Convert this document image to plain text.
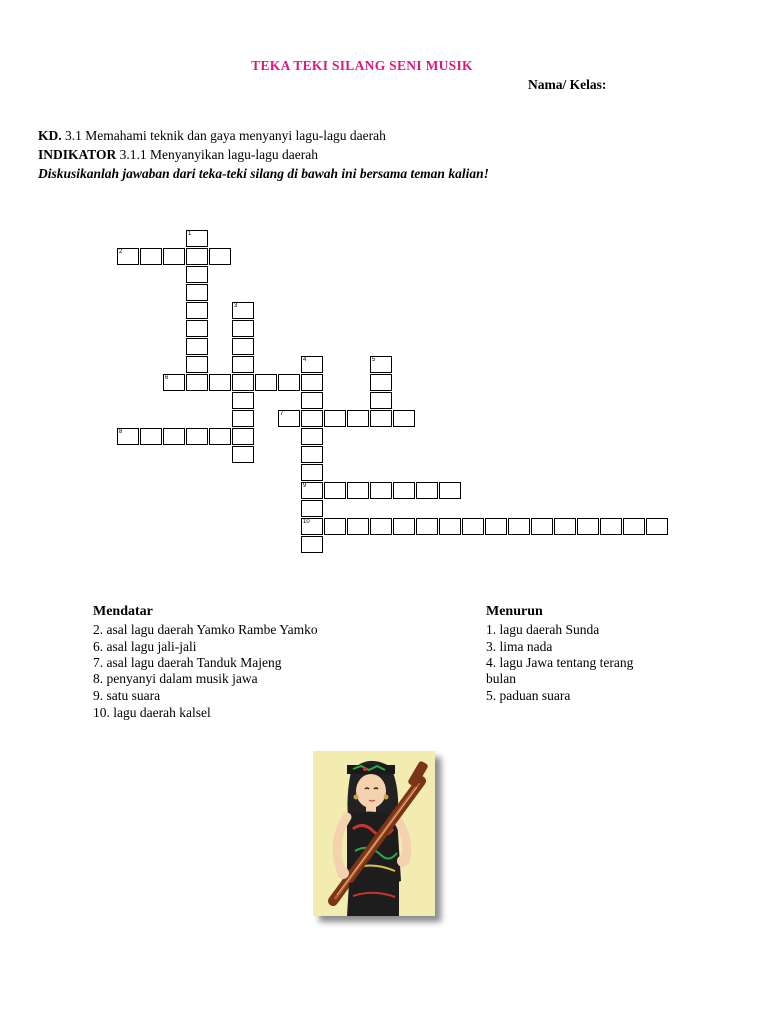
TEKA TEKI SILANG SENI MUSIK
Nama/ Kelas:
KD. 3.1 Memahami teknik dan gaya menyanyi lagu-lagu daerah
INDIKATOR 3.1.1 Menyanyikan lagu-lagu daerah
Diskusikanlah jawaban dari teka-teki silang di bawah ini bersama teman kalian!
1
2
3
4
9
10
5
6
7
8
Mendatar
2. asal lagu daerah Yamko Rambe Yamko
6. asal lagu jali-jali
7. asal lagu daerah Tanduk Majeng
8. penyanyi dalam musik jawa
9. satu suara
10. lagu daerah kalsel
Menurun
1. lagu daerah Sunda
3. lima nada
4. lagu Jawa tentang terang
bulan
5. paduan suara
